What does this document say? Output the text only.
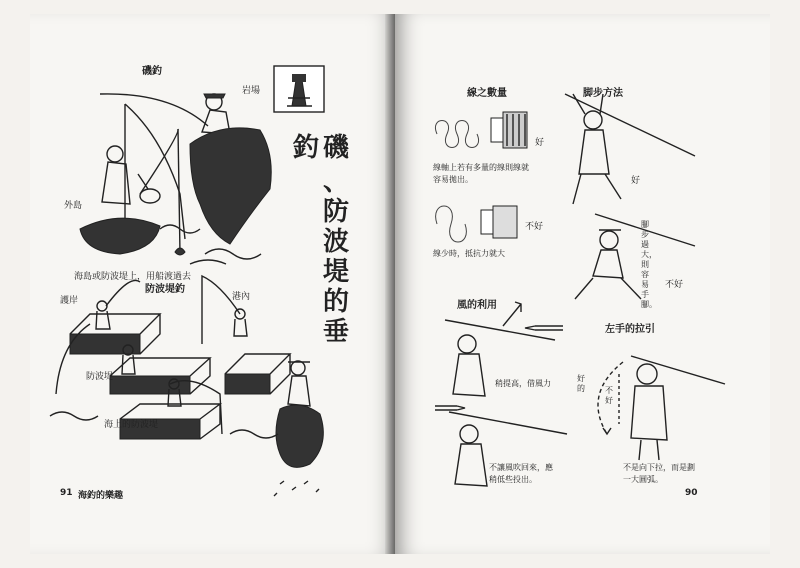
磯釣
岩場
外島
海島或防波堤上，用船渡過去
磯
釣
、
防
波
堤
的
垂
防波堤釣
護岸	港內
防波堤
海上的防波堤
91 海釣的樂趣
線之數量	脚步方法
風的利用
左手的拉引
好
不好
線軸上若有多量的線則線就容易拋出。
線少時，抵抗力就大
好
不好
腳步過大，則容易手腳。
稍提高，借風力
不讓風吹回來，應稍低些投出。
好的	不好
不是向下拉，而是劃一大圓弧。
90
